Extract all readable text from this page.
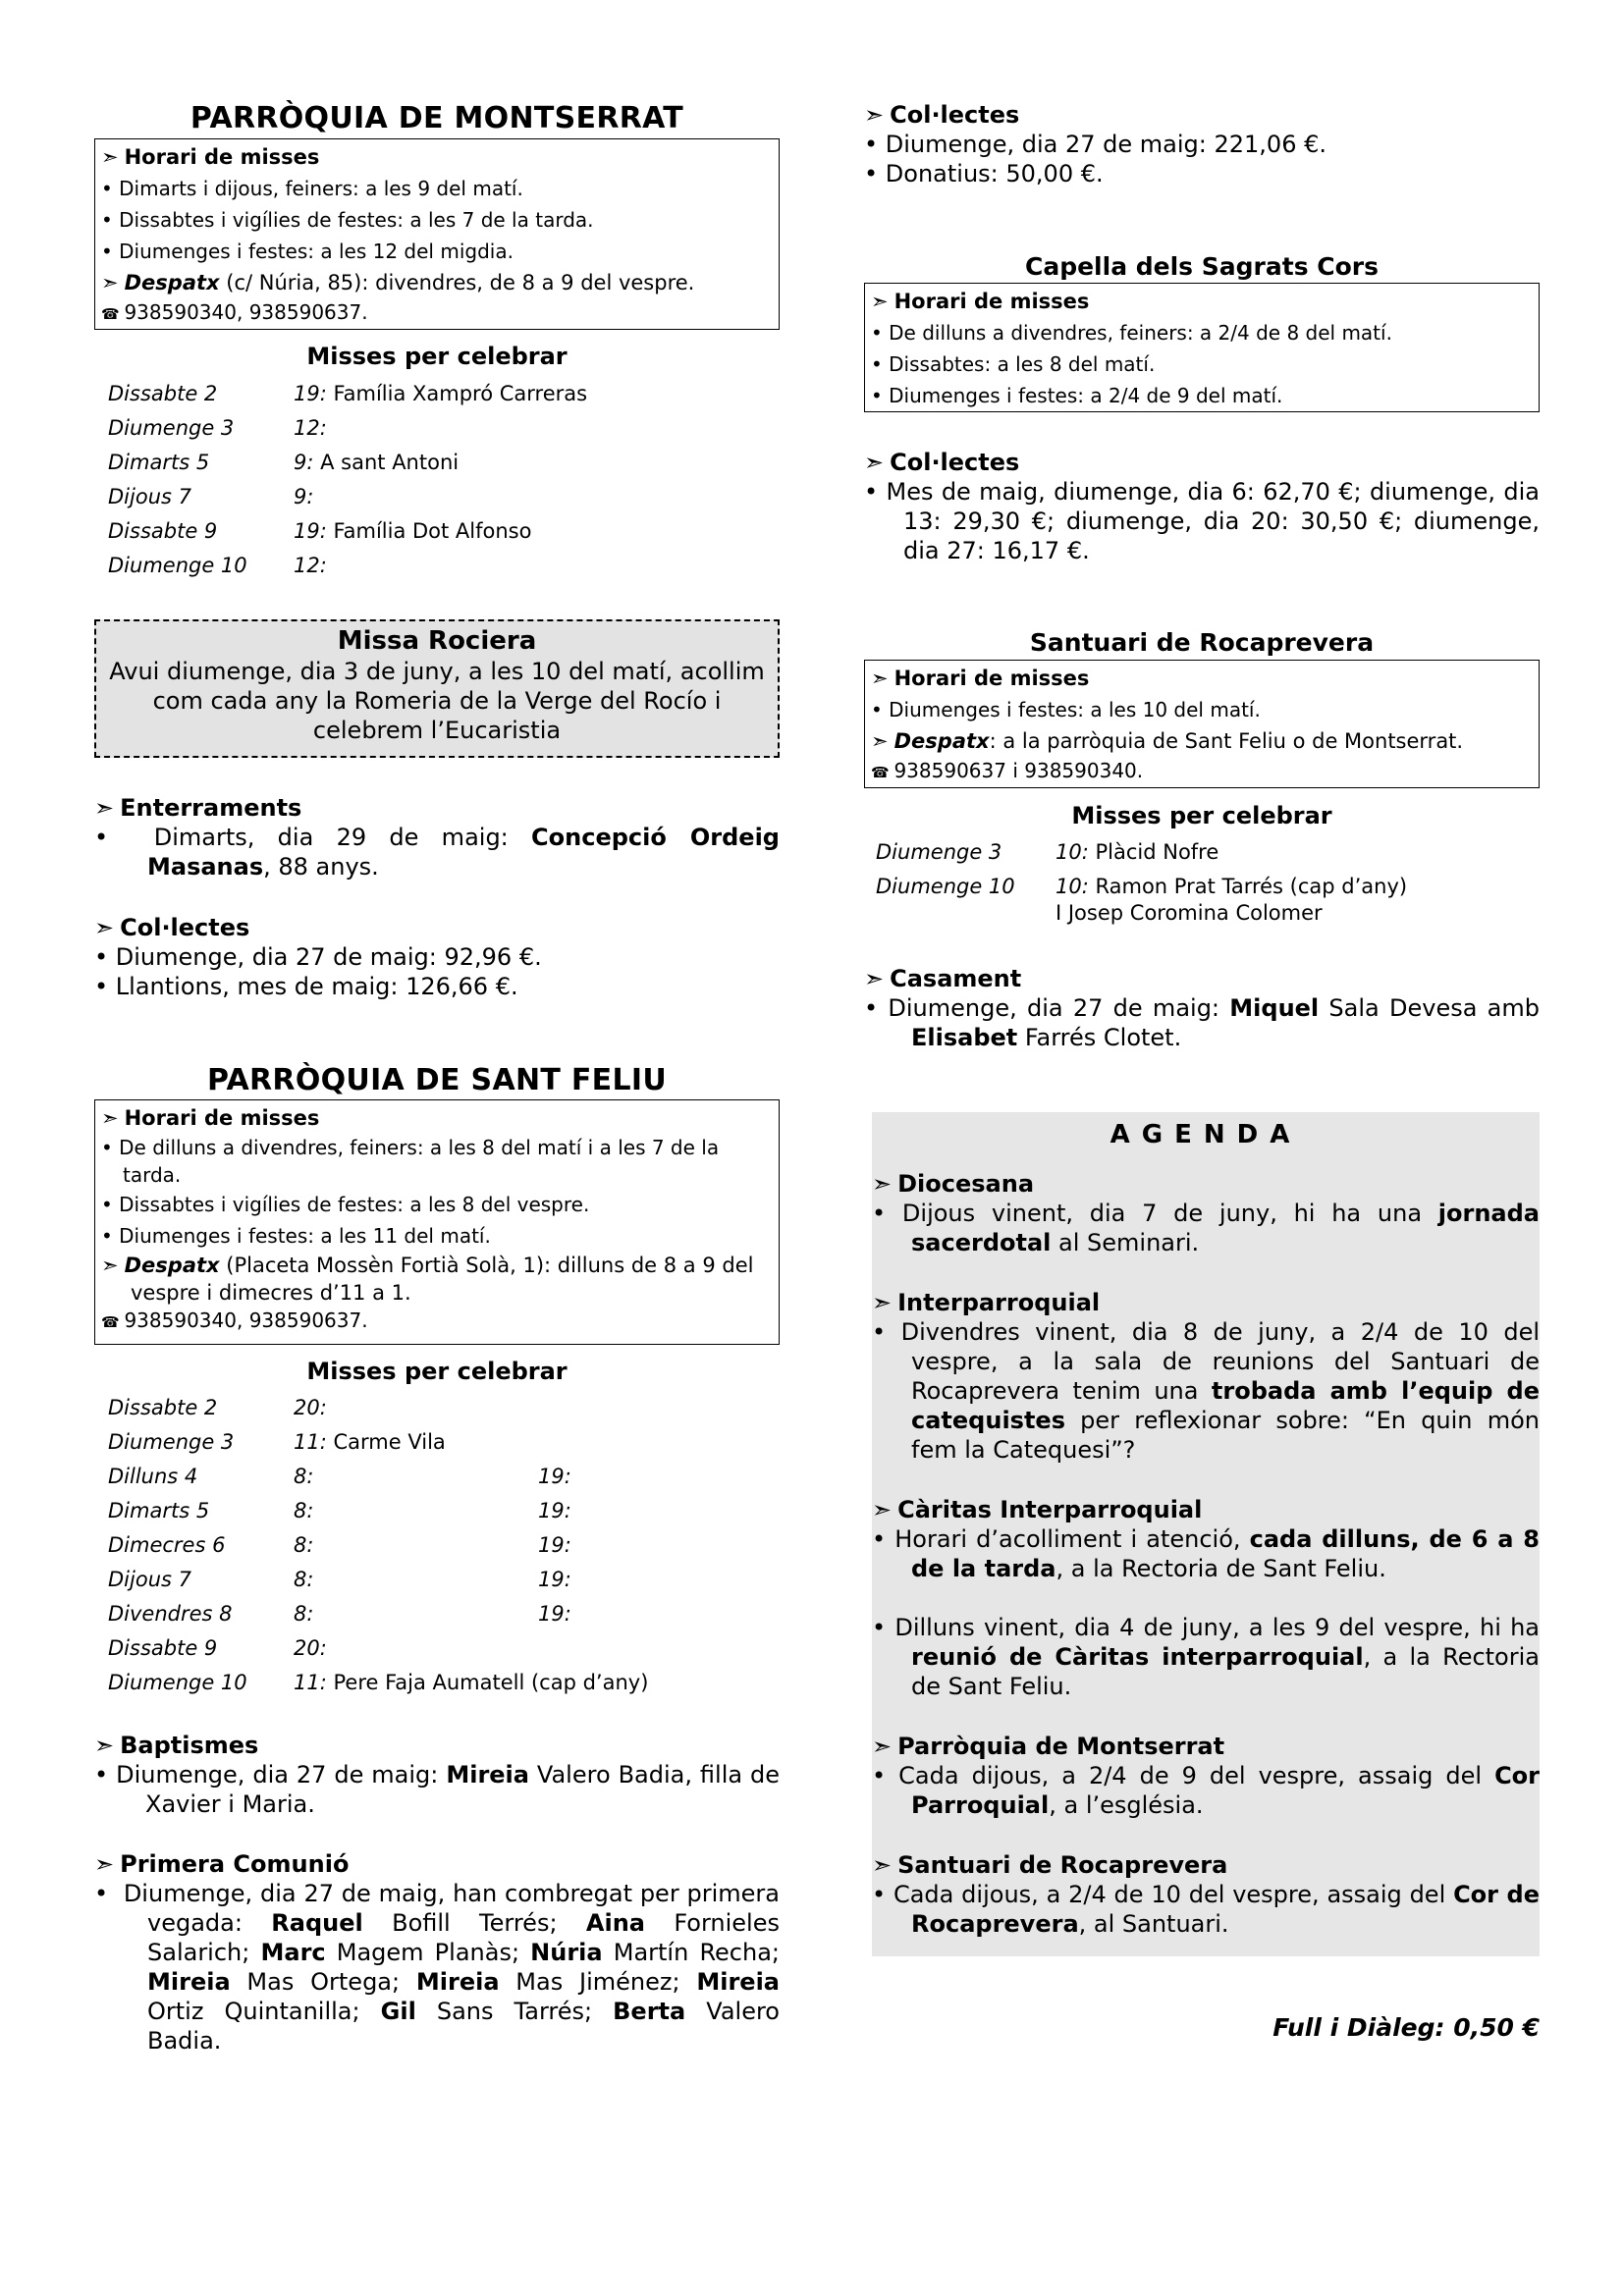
PARRÒQUIA DE MONTSERRAT
➣ Horari de misses
• Dimarts i dijous, feiners: a les 9 del matí.
• Dissabtes i vigílies de festes: a les 7 de la tarda.
• Diumenges i festes: a les 12 del migdia.
➣ Despatx (c/ Núria, 85): divendres, de 8 a 9 del vespre.
☎ 938590340, 938590637.
Misses per celebrar
Dissabte 2	19: Família Xampró Carreras
Diumenge 3	12:
Dimarts 5	9: A sant Antoni
Dijous 7	9:
Dissabte 9	19: Família Dot Alfonso
Diumenge 10 12:
Missa Rociera
Avui diumenge, dia 3 de juny, a les 10 del matí, acollim com cada any la Romeria de la Verge del Rocío i celebrem l’Eucaristia
➣ Enterraments
•  Dimarts, dia 29 de maig: Concepció Ordeig Masanas, 88 anys.
➣ Col·lectes
• Diumenge, dia 27 de maig: 92,96 €.
• Llantions, mes de maig: 126,66 €.
PARRÒQUIA DE SANT FELIU
➣ Horari de misses
• De dilluns a divendres, feiners: a les 8 del matí i a les 7 de la tarda.
• Dissabtes i vigílies de festes: a les 8 del vespre.
• Diumenges i festes: a les 11 del matí.
➣ Despatx (Placeta Mossèn Fortià Solà, 1): dilluns de 8 a 9 del vespre i dimecres d’11 a 1.
☎ 938590340, 938590637.
Misses per celebrar
Dissabte 2	20:
Diumenge 3	11: Carme Vila
Dilluns 4	8:	19:
Dimarts 5	8:	19:
Dimecres 6	8:	19:
Dijous 7	8:	19:
Divendres 8	8:	19:
Dissabte 9	20:
Diumenge 10 11: Pere Faja Aumatell (cap d’any)
➣ Baptismes
• Diumenge, dia 27 de maig: Mireia Valero Badia, filla de Xavier i Maria.
➣ Primera Comunió
•  Diumenge, dia 27 de maig, han combregat per primera vegada: Raquel Bofill Terrés; Aina Fornieles Salarich; Marc Magem Planàs; Núria Martín Recha; Mireia Mas Ortega; Mireia Mas Jiménez; Mireia Ortiz Quintanilla; Gil Sans Tarrés; Berta Valero Badia.
➣ Col·lectes
• Diumenge, dia 27 de maig: 221,06 €.
• Donatius: 50,00 €.
Capella dels Sagrats Cors
➣ Horari de misses
• De dilluns a divendres, feiners: a 2/4 de 8 del matí.
• Dissabtes: a les 8 del matí.
• Diumenges i festes: a 2/4 de 9 del matí.
➣ Col·lectes
• Mes de maig, diumenge, dia 6: 62,70 €; diumenge, dia 13: 29,30 €; diumenge, dia 20: 30,50 €; diumenge, dia 27: 16,17 €.
Santuari de Rocaprevera
➣ Horari de misses
• Diumenges i festes: a les 10 del matí.
➣ Despatx: a la parròquia de Sant Feliu o de Montserrat.
☎ 938590637 i 938590340.
Misses per celebrar
Diumenge 3	10: Plàcid Nofre
Diumenge 10 10: Ramon Prat Tarrés (cap d’any)
I Josep Coromina Colomer
➣ Casament
• Diumenge, dia 27 de maig: Miquel Sala Devesa amb Elisabet Farrés Clotet.
AGENDA
➣ Diocesana
• Dijous vinent, dia 7 de juny, hi ha una jornada sacerdotal al Seminari.
➣ Interparroquial
• Divendres vinent, dia 8 de juny, a 2/4 de 10 del vespre, a la sala de reunions del Santuari de Rocaprevera tenim una trobada amb l’equip de catequistes per reflexionar sobre: “En quin món fem la Catequesi”?
➣ Càritas Interparroquial
• Horari d’acolliment i atenció, cada dilluns, de 6 a 8 de la tarda, a la Rectoria de Sant Feliu.
• Dilluns vinent, dia 4 de juny, a les 9 del vespre, hi ha reunió de Càritas interparroquial, a la Rectoria de Sant Feliu.
➣ Parròquia de Montserrat
• Cada dijous, a 2/4 de 9 del vespre, assaig del Cor Parroquial, a l’església.
➣ Santuari de Rocaprevera
• Cada dijous, a 2/4 de 10 del vespre, assaig del Cor de Rocaprevera, al Santuari.
Full i Diàleg: 0,50 €
